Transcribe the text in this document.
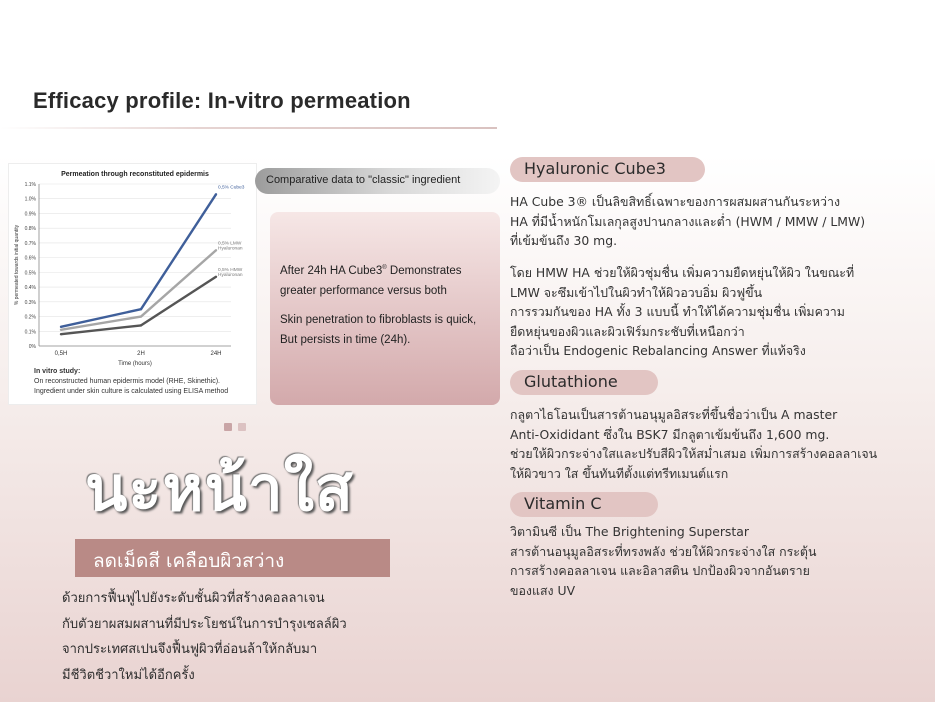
Efficacy profile: In-vitro permeation
Permeation through reconstituted epidermis
0%
0.1%
0.2%
0.3%
0.4%
0.5%
0.6%
0.7%
0.8%
0.9%
1.0%
1.1%
0,5H	2H	24H
Time (hours)
% permeated towards initial quantity
0,5% Cube3
0,5% LMW
Hyaluronan
0,5% HMW
Hyaluronan
In vitro study:
On reconstructed human epidermis model (RHE, Skinethic).
Ingredient under skin culture is calculated using ELISA method
Comparative data to "classic" ingredient
After 24h HA Cube3® Demonstrates greater performance versus both
Skin penetration to fibroblasts is quick, But persists in time (24h).
นะหน้าใส
ลดเม็ดสี เคลือบผิวสว่าง
ด้วยการฟื้นฟูไปยังระดับชั้นผิวที่สร้างคอลลาเจน
กับตัวยาผสมผสานที่มีประโยชน์ในการบำรุงเซลล์ผิว
จากประเทศสเปนจึงฟื้นฟูผิวที่อ่อนล้าให้กลับมา
มีชีวิตชีวาใหม่ได้อีกครั้ง
Hyaluronic Cube3
HA Cube 3® เป็นลิขสิทธิ์เฉพาะของการผสมผสานกันระหว่าง
HA ที่มีน้ำหนักโมเลกุลสูงปานกลางและต่ำ (HWM / MMW / LMW)
ที่เข้มข้นถึง 30 mg.
โดย HMW HA ช่วยให้ผิวชุ่มชื่น เพิ่มความยืดหยุ่นให้ผิว ในขณะที่
LMW จะซึมเข้าไปในผิวทำให้ผิวอวบอิ่ม ผิวฟูขึ้น
การรวมกันของ HA ทั้ง 3 แบบนี้ ทำให้ได้ความชุ่มชื่น เพิ่มความ
ยืดหยุ่นของผิวและผิวเฟิร์มกระชับที่เหนือกว่า
ถือว่าเป็น Endogenic Rebalancing Answer ที่แท้จริง
Glutathione
กลูตาไธโอนเป็นสารต้านอนุมูลอิสระที่ขึ้นชื่อว่าเป็น A master
Anti-Oxididant ซึ่งใน BSK7 มีกลูตาเข้มข้นถึง 1,600 mg.
ช่วยให้ผิวกระจ่างใสและปรับสีผิวให้สม่ำเสมอ เพิ่มการสร้างคอลลาเจน
ให้ผิวขาว ใส ขึ้นทันทีตั้งแต่ทรีทเมนต์แรก
Vitamin C
วิตามินซี เป็น The Brightening Superstar
สารต้านอนุมูลอิสระที่ทรงพลัง ช่วยให้ผิวกระจ่างใส กระตุ้น
การสร้างคอลลาเจน และอิลาสติน ปกป้องผิวจากอันตราย
ของแสง UV
